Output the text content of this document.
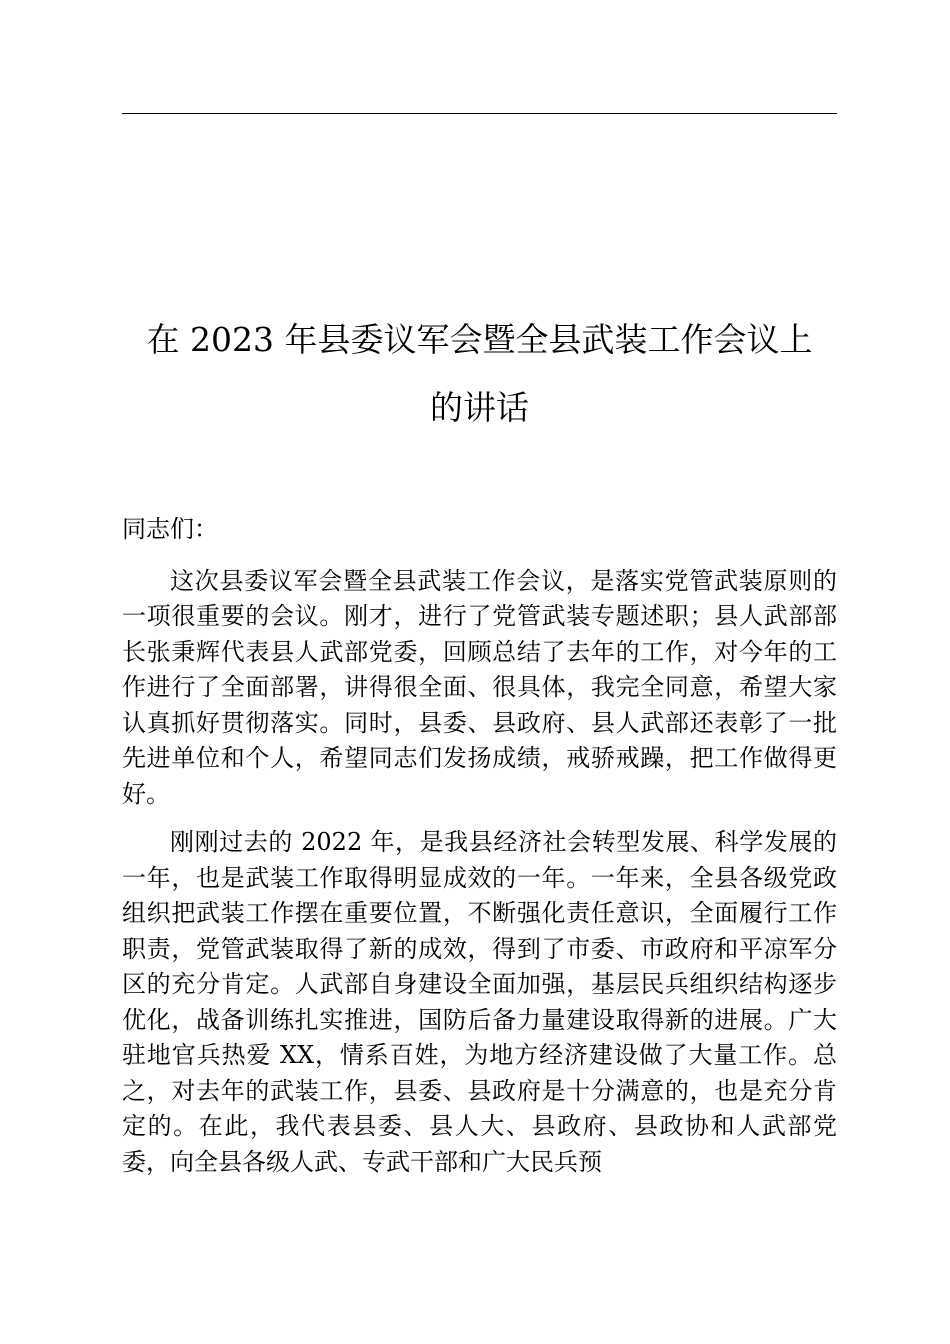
在 2023 年县委议军会暨全县武装工作会议上
的讲话

同志们：

这次县委议军会暨全县武装工作会议，是落实党管武装原则的一项很重要的会议。刚才，进行了党管武装专题述职；县人武部部长张秉辉代表县人武部党委，回顾总结了去年的工作，对今年的工作进行了全面部署，讲得很全面、很具体，我完全同意，希望大家认真抓好贯彻落实。同时，县委、县政府、县人武部还表彰了一批先进单位和个人，希望同志们发扬成绩，戒骄戒躁，把工作做得更好。

刚刚过去的 2022 年，是我县经济社会转型发展、科学发展的一年，也是武装工作取得明显成效的一年。一年来，全县各级党政组织把武装工作摆在重要位置，不断强化责任意识，全面履行工作职责，党管武装取得了新的成效，得到了市委、市政府和平凉军分区的充分肯定。人武部自身建设全面加强，基层民兵组织结构逐步优化，战备训练扎实推进，国防后备力量建设取得新的进展。广大驻地官兵热爱 XX，情系百姓，为地方经济建设做了大量工作。总之，对去年的武装工作，县委、县政府是十分满意的，也是充分肯定的。在此，我代表县委、县人大、县政府、县政协和人武部党委，向全县各级人武、专武干部和广大民兵预
